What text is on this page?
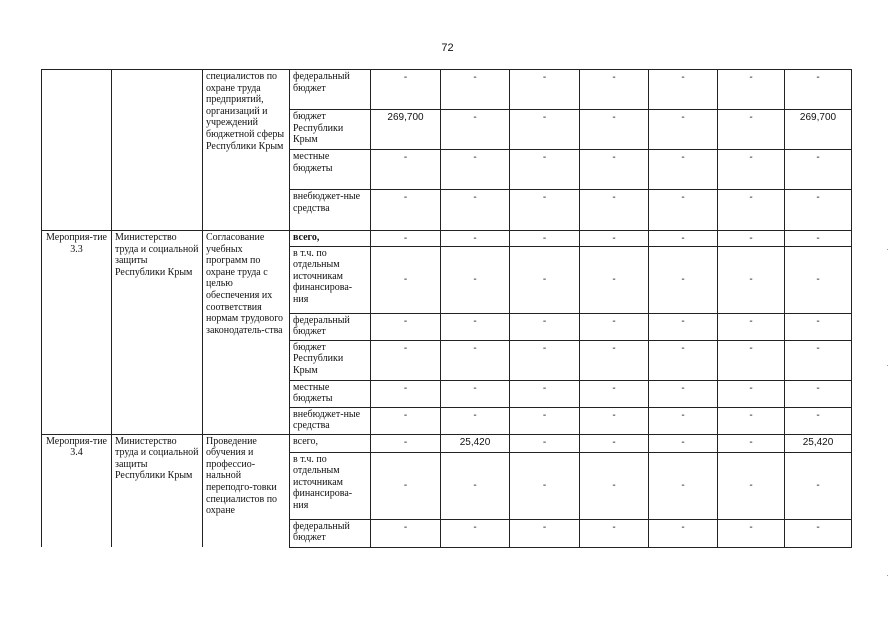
72
		специалистов по охране труда предприятий, организаций и учреждений бюджетной сферы Республики Крым	федеральный бюджет	-	-	-	-	-	-	-
			бюджет Республики Крым	269,700	-	-	-	-	-	269,700
			местные бюджеты	-	-	-	-	-	-	-
			внебюджет-ные средства	-	-	-	-	-	-	-
Мероприя-тие 3.3	Министерство труда и социальной защиты Республики Крым	Согласование учебных программ по охране труда с целью обеспечения их соответствия нормам трудового законодатель-ства	всего,	-	-	-	-	-	-	-
			в т.ч. по отдельным источникам финансирова-ния	-	-	-	-	-	-	-
			федеральный бюджет	-	-	-	-	-	-	-
			бюджет Республики Крым	-	-	-	-	-	-	-
			местные бюджеты	-	-	-	-	-	-	-
			внебюджет-ные средства	-	-	-	-	-	-	-
Мероприя-тие 3.4	Министерство труда и социальной защиты Республики Крым	Проведение обучения и профессио-нальной переподго-товки специалистов по охране	всего,	-	25,420	-	-	-	-	25,420
			в т.ч. по отдельным источникам финансирова-ния	-	-	-	-	-	-	-
			федеральный бюджет	-	-	-	-	-	-	-
·
·
·
